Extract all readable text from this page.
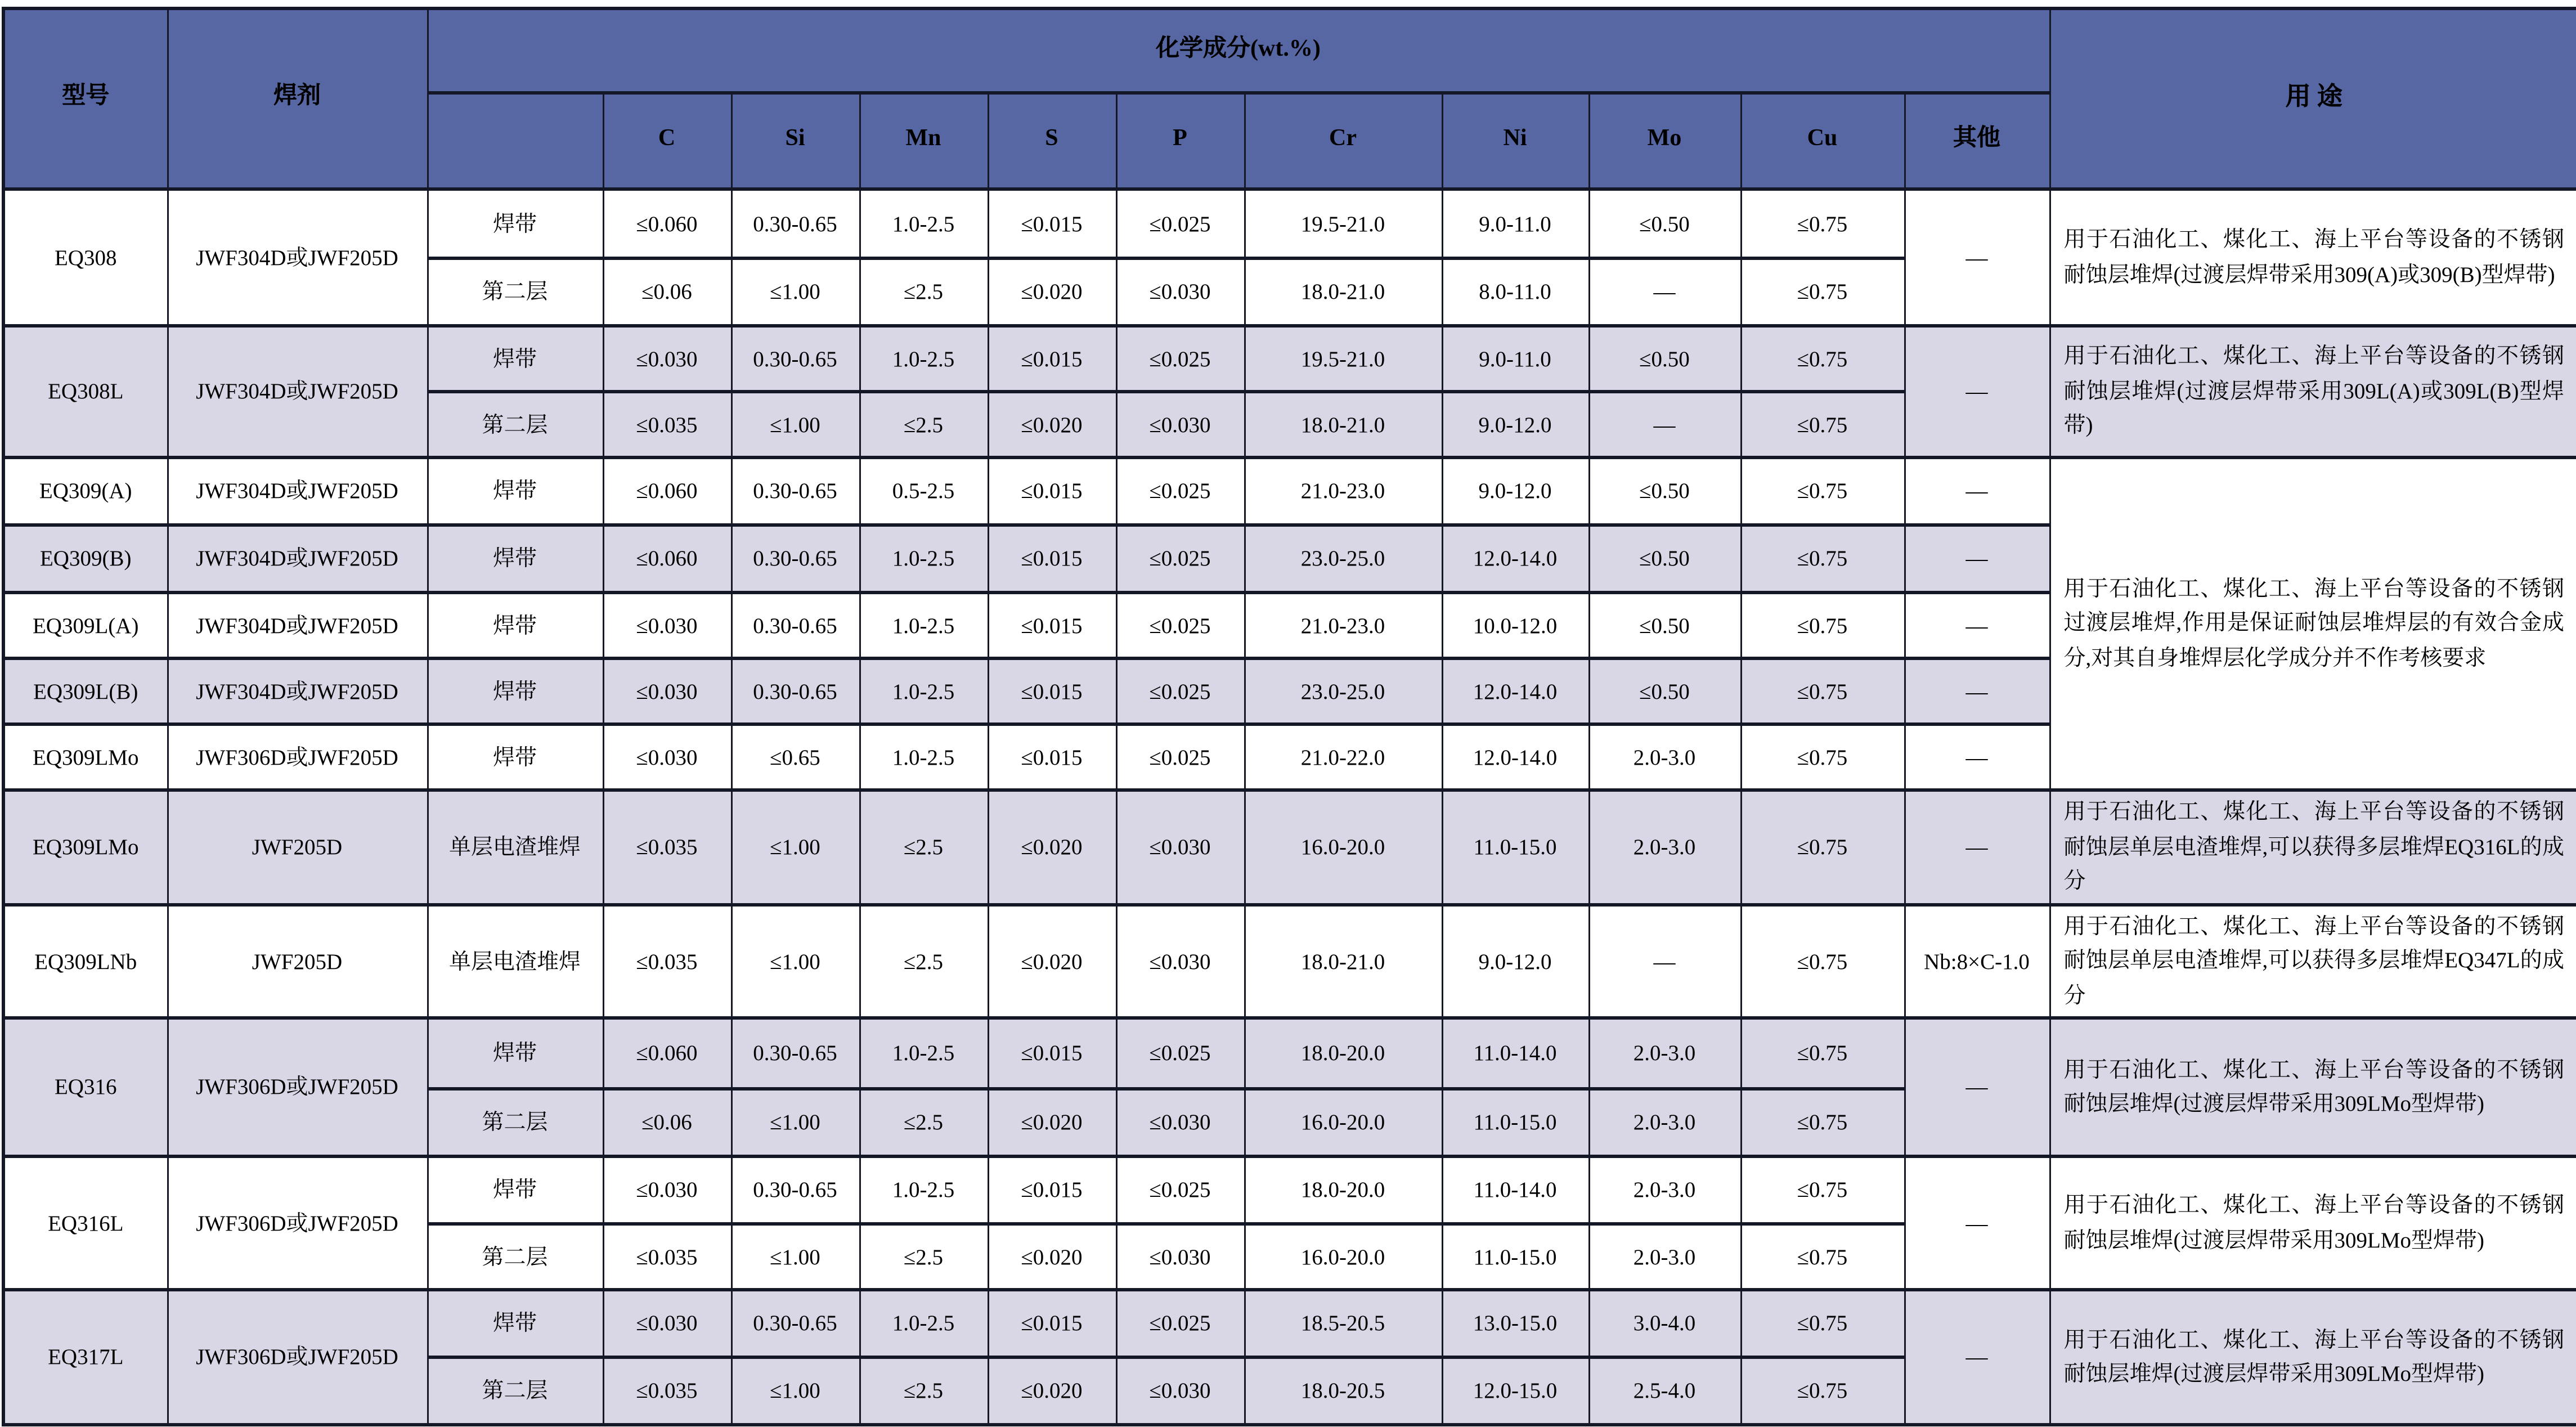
型号	焊剂	化学成分(wt.%)											用 途
			C	Si	Mn	S	P	Cr	Ni	Mo	Cu	其他	
EQ308	JWF304D或JWF205D	焊带	≤0.060	0.30-0.65	1.0-2.5	≤0.015	≤0.025	19.5-21.0	9.0-11.0	≤0.50	≤0.75	—	用于石油化工、煤化工、海上平台等设备的不锈钢耐蚀层堆焊(过渡层焊带采用309(A)或309(B)型焊带)
		第二层	≤0.06	≤1.00	≤2.5	≤0.020	≤0.030	18.0-21.0	8.0-11.0	—	≤0.75		
EQ308L	JWF304D或JWF205D	焊带	≤0.030	0.30-0.65	1.0-2.5	≤0.015	≤0.025	19.5-21.0	9.0-11.0	≤0.50	≤0.75	—	用于石油化工、煤化工、海上平台等设备的不锈钢耐蚀层堆焊(过渡层焊带采用309L(A)或309L(B)型焊带)
		第二层	≤0.035	≤1.00	≤2.5	≤0.020	≤0.030	18.0-21.0	9.0-12.0	—	≤0.75		
EQ309(A)	JWF304D或JWF205D	焊带	≤0.060	0.30-0.65	0.5-2.5	≤0.015	≤0.025	21.0-23.0	9.0-12.0	≤0.50	≤0.75	—	用于石油化工、煤化工、海上平台等设备的不锈钢过渡层堆焊,作用是保证耐蚀层堆焊层的有效合金成分,对其自身堆焊层化学成分并不作考核要求
EQ309(B)	JWF304D或JWF205D	焊带	≤0.060	0.30-0.65	1.0-2.5	≤0.015	≤0.025	23.0-25.0	12.0-14.0	≤0.50	≤0.75	—	
EQ309L(A)	JWF304D或JWF205D	焊带	≤0.030	0.30-0.65	1.0-2.5	≤0.015	≤0.025	21.0-23.0	10.0-12.0	≤0.50	≤0.75	—	
EQ309L(B)	JWF304D或JWF205D	焊带	≤0.030	0.30-0.65	1.0-2.5	≤0.015	≤0.025	23.0-25.0	12.0-14.0	≤0.50	≤0.75	—	
EQ309LMo	JWF306D或JWF205D	焊带	≤0.030	≤0.65	1.0-2.5	≤0.015	≤0.025	21.0-22.0	12.0-14.0	2.0-3.0	≤0.75	—	
EQ309LMo	JWF205D	单层电渣堆焊	≤0.035	≤1.00	≤2.5	≤0.020	≤0.030	16.0-20.0	11.0-15.0	2.0-3.0	≤0.75	—	用于石油化工、煤化工、海上平台等设备的不锈钢耐蚀层单层电渣堆焊,可以获得多层堆焊EQ316L的成分
EQ309LNb	JWF205D	单层电渣堆焊	≤0.035	≤1.00	≤2.5	≤0.020	≤0.030	18.0-21.0	9.0-12.0	—	≤0.75	Nb:8×C-1.0	用于石油化工、煤化工、海上平台等设备的不锈钢耐蚀层单层电渣堆焊,可以获得多层堆焊EQ347L的成分
EQ316	JWF306D或JWF205D	焊带	≤0.060	0.30-0.65	1.0-2.5	≤0.015	≤0.025	18.0-20.0	11.0-14.0	2.0-3.0	≤0.75	—	用于石油化工、煤化工、海上平台等设备的不锈钢耐蚀层堆焊(过渡层焊带采用309LMo型焊带)
		第二层	≤0.06	≤1.00	≤2.5	≤0.020	≤0.030	16.0-20.0	11.0-15.0	2.0-3.0	≤0.75		
EQ316L	JWF306D或JWF205D	焊带	≤0.030	0.30-0.65	1.0-2.5	≤0.015	≤0.025	18.0-20.0	11.0-14.0	2.0-3.0	≤0.75	—	用于石油化工、煤化工、海上平台等设备的不锈钢耐蚀层堆焊(过渡层焊带采用309LMo型焊带)
		第二层	≤0.035	≤1.00	≤2.5	≤0.020	≤0.030	16.0-20.0	11.0-15.0	2.0-3.0	≤0.75		
EQ317L	JWF306D或JWF205D	焊带	≤0.030	0.30-0.65	1.0-2.5	≤0.015	≤0.025	18.5-20.5	13.0-15.0	3.0-4.0	≤0.75	—	用于石油化工、煤化工、海上平台等设备的不锈钢耐蚀层堆焊(过渡层焊带采用309LMo型焊带)
		第二层	≤0.035	≤1.00	≤2.5	≤0.020	≤0.030	18.0-20.5	12.0-15.0	2.5-4.0	≤0.75		
